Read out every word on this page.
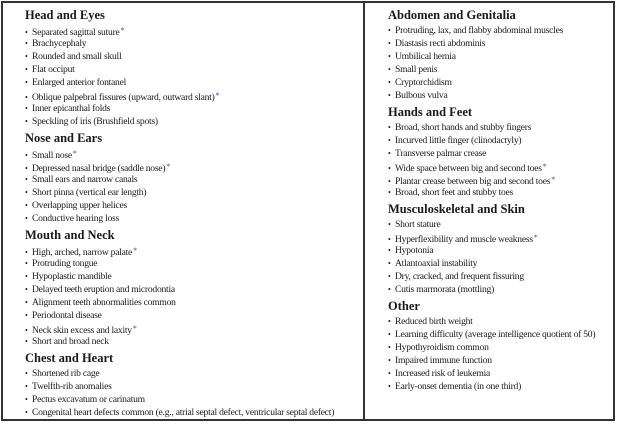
Head and Eyes
• Separated sagittal suture*
• Brachycephaly
• Rounded and small skull
• Flat occiput
• Enlarged anterior fontanel
• Oblique palpebral fissures (upward, outward slant)*
• Inner epicanthal folds
• Speckling of iris (Brushfield spots)
Nose and Ears
• Small nose*
• Depressed nasal bridge (saddle nose)*
• Small ears and narrow canals
• Short pinna (vertical ear length)
• Overlapping upper helices
• Conductive hearing loss
Mouth and Neck
• High, arched, narrow palate*
• Protruding tongue
• Hypoplastic mandible
• Delayed teeth eruption and microdontia
• Alignment teeth abnormalities common
• Periodontal disease
• Neck skin excess and laxity*
• Short and broad neck
Chest and Heart
• Shortened rib cage
• Twelfth-rib anomalies
• Pectus excavatum or carinatum
• Congenital heart defects common (e.g., atrial septal defect, ventricular septal defect)
Abdomen and Genitalia
• Protruding, lax, and flabby abdominal muscles
• Diastasis recti abdominis
• Umbilical hernia
• Small penis
• Cryptorchidism
• Bulbous vulva
Hands and Feet
• Broad, short hands and stubby fingers
• Incurved little finger (clinodactyly)
• Transverse palmar crease
• Wide space between big and second toes*
• Plantar crease between big and second toes*
• Broad, short feet and stubby toes
Musculoskeletal and Skin
• Short stature
• Hyperflexibility and muscle weakness*
• Hypotonia
• Atlantoaxial instability
• Dry, cracked, and frequent fissuring
• Cutis marmorata (mottling)
Other
• Reduced birth weight
• Learning difficulty (average intelligence quotient of 50)
• Hypothyroidism common
• Impaired immune function
• Increased risk of leukemia
• Early-onset dementia (in one third)
